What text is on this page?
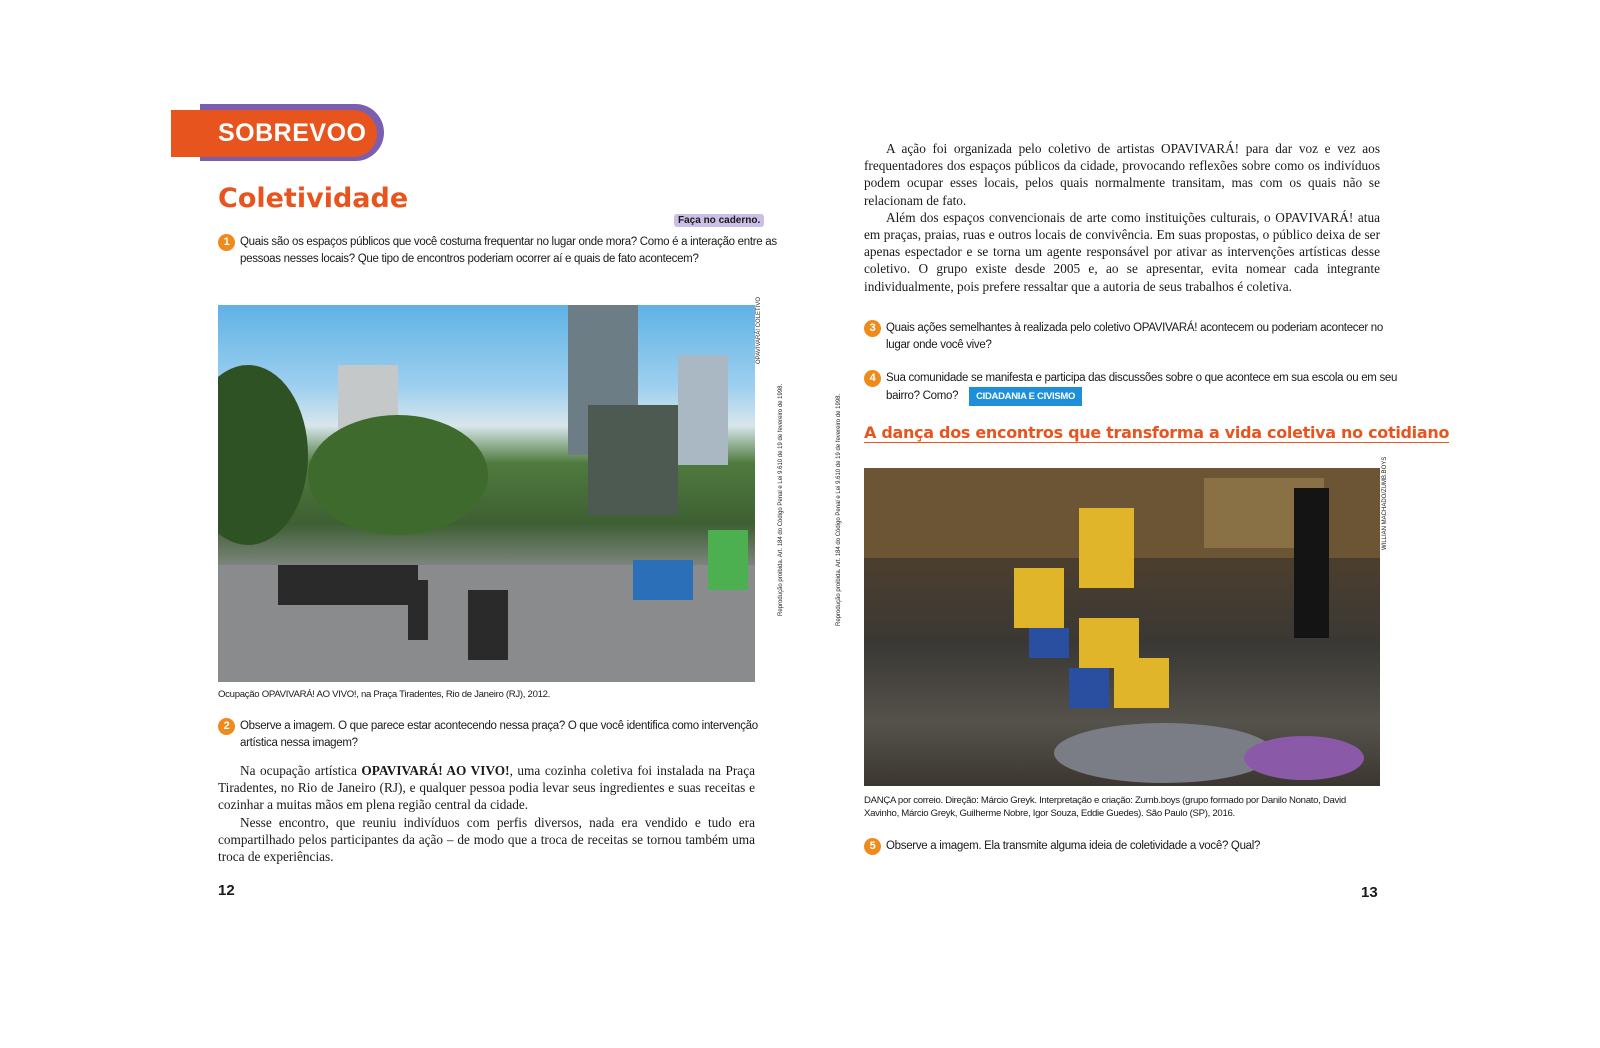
SOBREVOO
Coletividade
Faça no caderno.
1 Quais são os espaços públicos que você costuma frequentar no lugar onde mora? Como é a interação entre as pessoas nesses locais? Que tipo de encontros poderiam ocorrer aí e quais de fato acontecem?
OPAVIVARÁ! COLETIVO
Reprodução proibida. Art. 184 do Código Penal e Lei 9.610 de 19 de fevereiro de 1998.
Ocupação OPAVIVARÁ! AO VIVO!, na Praça Tiradentes, Rio de Janeiro (RJ), 2012.
2 Observe a imagem. O que parece estar acontecendo nessa praça? O que você identifica como intervenção artística nessa imagem?

Na ocupação artística OPAVIVARÁ! AO VIVO!, uma cozinha coletiva foi instalada na Praça Tiradentes, no Rio de Janeiro (RJ), e qualquer pessoa podia levar seus ingredientes e suas receitas e cozinhar a muitas mãos em plena região central da cidade.

Nesse encontro, que reuniu indivíduos com perfis diversos, nada era vendido e tudo era compartilhado pelos participantes da ação – de modo que a troca de receitas se tornou também uma troca de experiências.

12
Reprodução proibida. Art. 184 do Código Penal e Lei 9.610 de 19 de fevereiro de 1998.

A ação foi organizada pelo coletivo de artistas OPAVIVARÁ! para dar voz e vez aos frequentadores dos espaços públicos da cidade, provocando reflexões sobre como os indivíduos podem ocupar esses locais, pelos quais normalmente transitam, mas com os quais não se relacionam de fato.

Além dos espaços convencionais de arte como instituições culturais, o OPAVIVARÁ! atua em praças, praias, ruas e outros locais de convivência. Em suas propostas, o público deixa de ser apenas espectador e se torna um agente responsável por ativar as intervenções artísticas desse coletivo. O grupo existe desde 2005 e, ao se apresentar, evita nomear cada integrante individualmente, pois prefere ressaltar que a autoria de seus trabalhos é coletiva.

3 Quais ações semelhantes à realizada pelo coletivo OPAVIVARÁ! acontecem ou poderiam acontecer no lugar onde você vive?
4 Sua comunidade se manifesta e participa das discussões sobre o que acontece em sua escola ou em seu bairro? Como? CIDADANIA E CIVISMO
A dança dos encontros que transforma a vida coletiva no cotidiano
WILLIAN MACHADO/ZUMB.BOYS
DANÇA por correio. Direção: Márcio Greyk. Interpretação e criação: Zumb.boys (grupo formado por Danilo Nonato, David Xavinho, Márcio Greyk, Guilherme Nobre, Igor Souza, Eddie Guedes). São Paulo (SP), 2016.
5 Observe a imagem. Ela transmite alguma ideia de coletividade a você? Qual?
13
